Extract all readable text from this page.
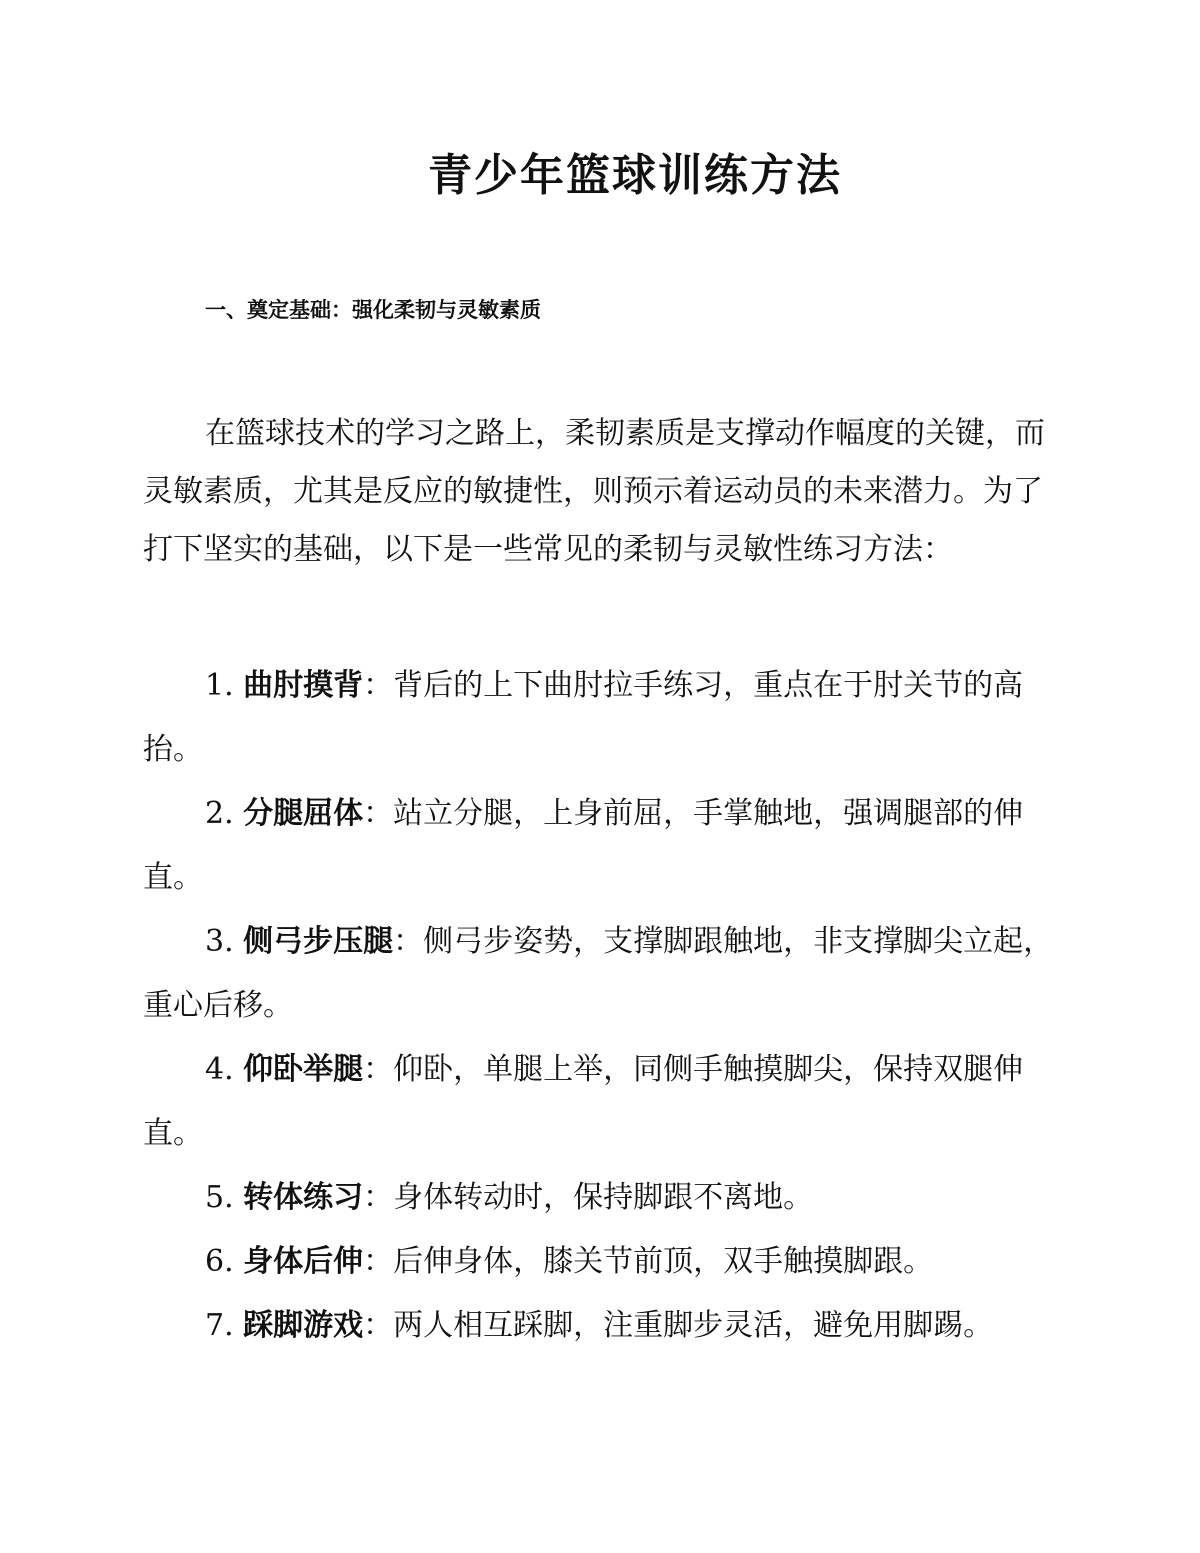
青少年篮球训练方法
一、奠定基础：强化柔韧与灵敏素质

在篮球技术的学习之路上，柔韧素质是支撑动作幅度的关键，而灵敏素质，尤其是反应的敏捷性，则预示着运动员的未来潜力。为了打下坚实的基础，以下是一些常见的柔韧与灵敏性练习方法：

1. 曲肘摸背：背后的上下曲肘拉手练习，重点在于肘关节的高抬。
2. 分腿屈体：站立分腿，上身前屈，手掌触地，强调腿部的伸直。
3. 侧弓步压腿：侧弓步姿势，支撑脚跟触地，非支撑脚尖立起，重心后移。
4. 仰卧举腿：仰卧，单腿上举，同侧手触摸脚尖，保持双腿伸直。
5. 转体练习：身体转动时，保持脚跟不离地。
6. 身体后伸：后伸身体，膝关节前顶，双手触摸脚跟。
7. 踩脚游戏：两人相互踩脚，注重脚步灵活，避免用脚踢。
